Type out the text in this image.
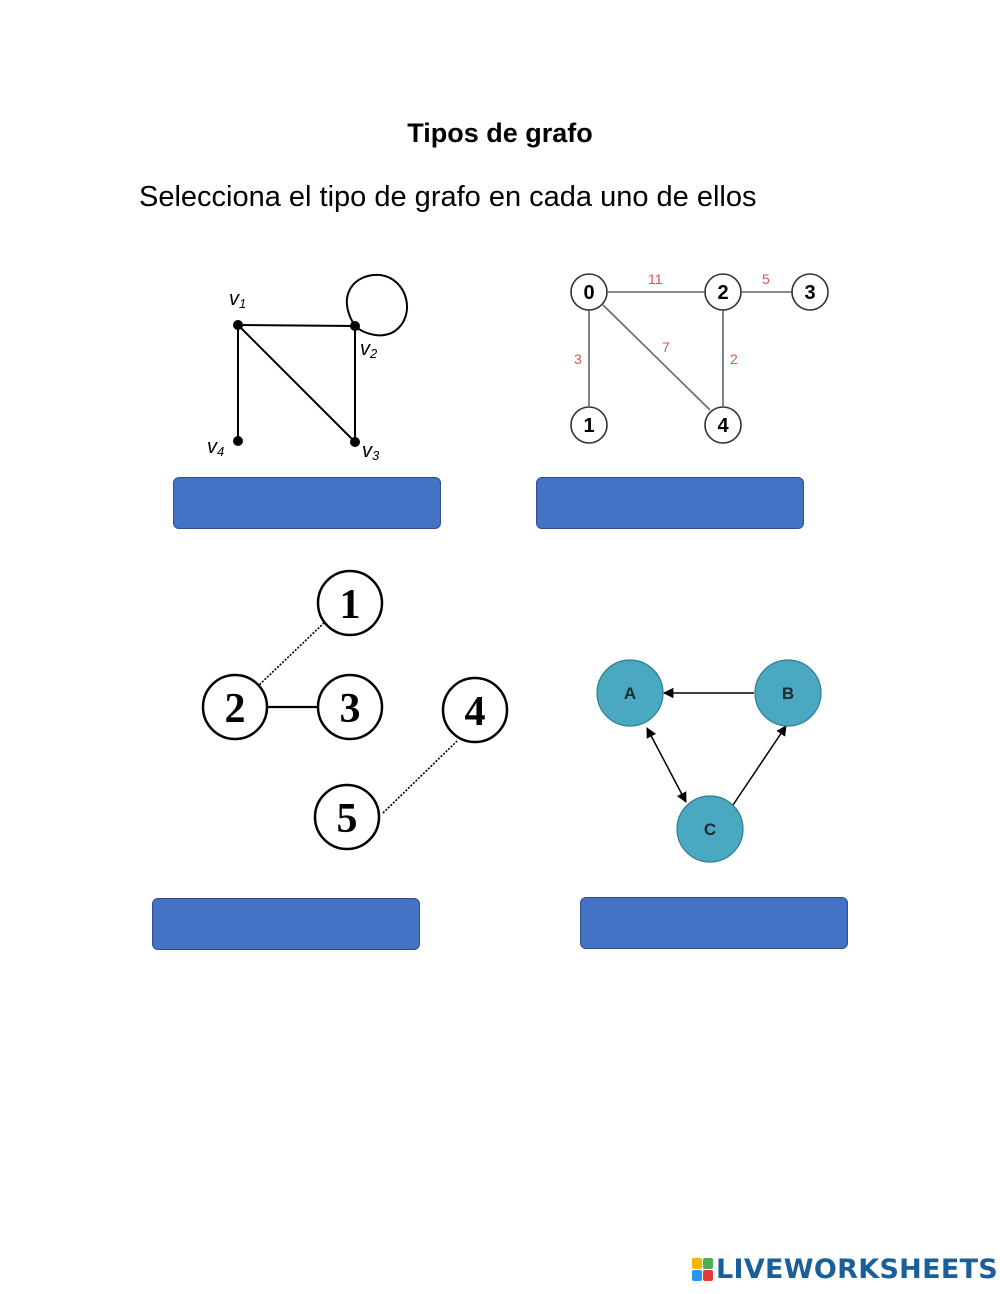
Tipos de grafo
Selecciona el tipo de grafo en cada uno de ellos
v1
v2
v3
v4
11	5
3
7
2
0
1
2	3
4
1
2 3 4
5
A	B
C
LIVEWORKSHEETS
